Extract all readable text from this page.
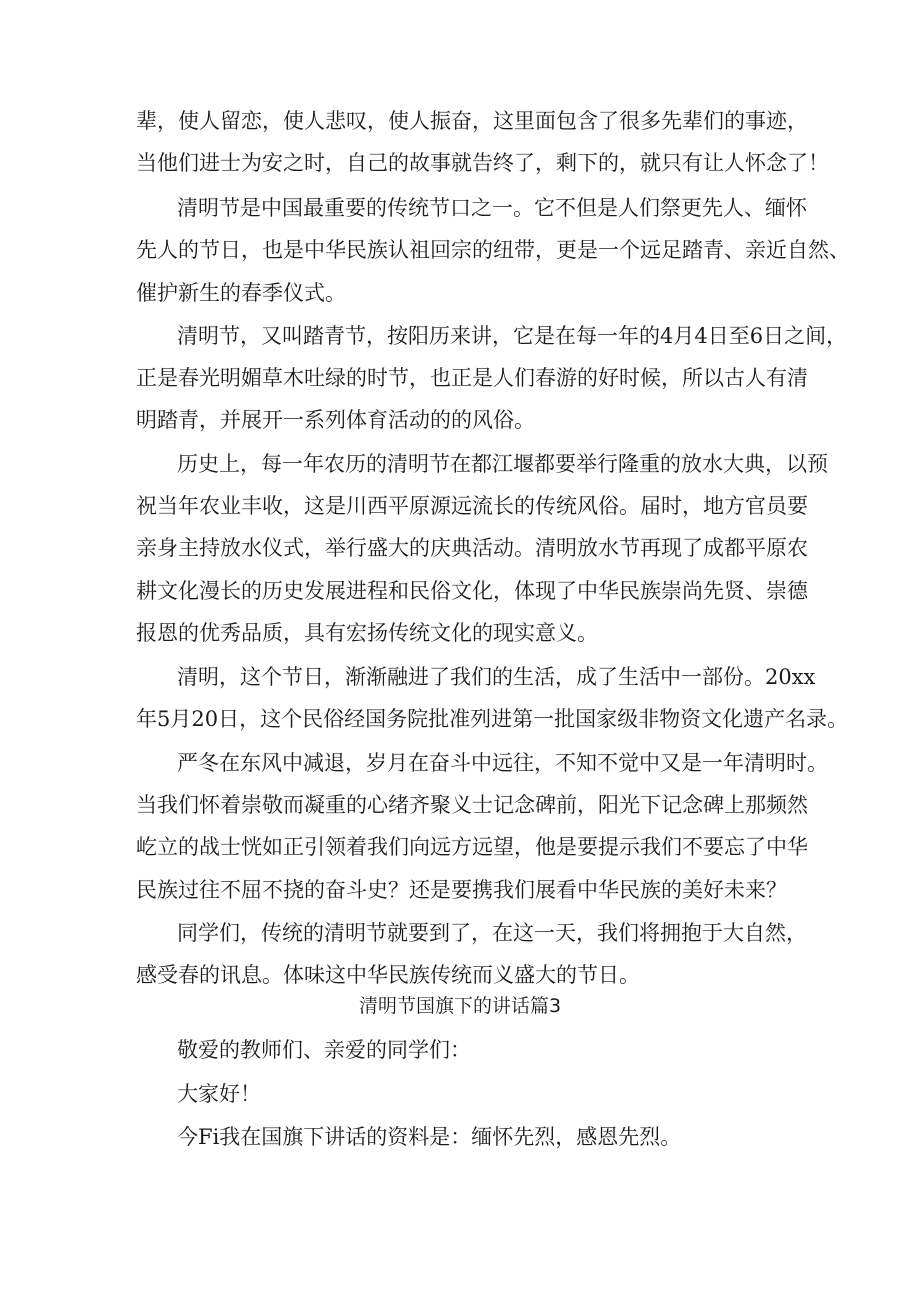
辈，使人留恋，使人悲叹，使人振奋，这里面包含了很多先辈们的事迹，
当他们进士为安之时，自己的故事就告终了，剩下的，就只有让人怀念了！
清明节是中国最重要的传统节口之一。它不但是人们祭更先人、缅怀
先人的节日，也是中华民族认祖回宗的纽带，更是一个远足踏青、亲近自然、
催护新生的春季仪式。
清明节，又叫踏青节，按阳历来讲，它是在每一年的4月4日至6日之间，
正是春光明媚草木吐绿的时节，也正是人们春游的好时候，所以古人有清
明踏青，并展开一系列体育活动的的风俗。
历史上，每一年农历的清明节在都江堰都要举行隆重的放水大典，以预
祝当年农业丰收，这是川西平原源远流长的传统风俗。届时，地方官员要
亲身主持放水仪式，举行盛大的庆典活动。清明放水节再现了成都平原农
耕文化漫长的历史发展进程和民俗文化，体现了中华民族崇尚先贤、崇德
报恩的优秀品质，具有宏扬传统文化的现实意义。
清明，这个节日，渐渐融进了我们的生活，成了生活中一部份。20xx
年5月20日，这个民俗经国务院批准列进第一批国家级非物资文化遗产名录。
严冬在东风中减退，岁月在奋斗中远往，不知不觉中又是一年清明时。
当我们怀着崇敬而凝重的心绪齐聚义士记念碑前，阳光下记念碑上那频然
屹立的战士恍如正引领着我们向远方远望，他是要提示我们不要忘了中华
民族过往不屈不挠的奋斗史？还是要携我们展看中华民族的美好未来？
同学们，传统的清明节就要到了，在这一天，我们将拥抱于大自然，
感受春的讯息。体味这中华民族传统而义盛大的节日。
清明节国旗下的讲话篇3
敬爱的教师们、亲爱的同学们：
大家好！
今Fi我在国旗下讲话的资料是：缅怀先烈，感恩先烈。
